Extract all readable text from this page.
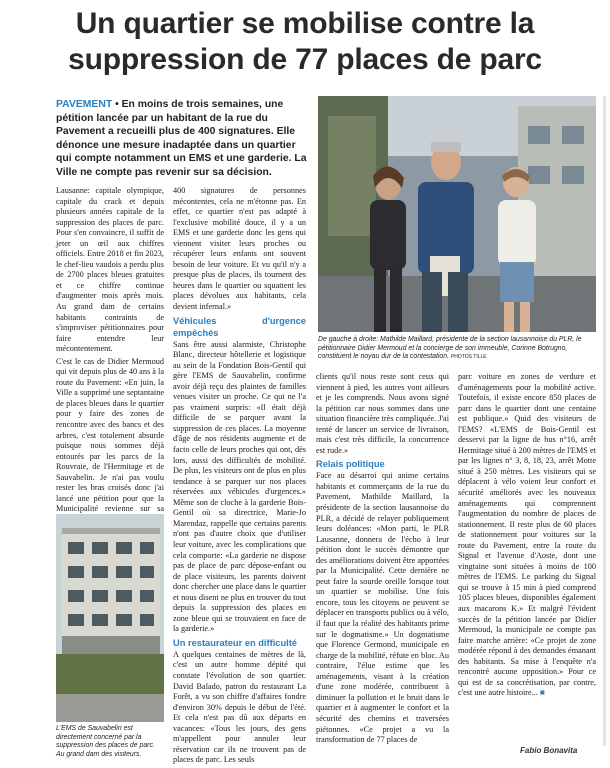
Un quartier se mobilise contre la
suppression de 77 places de parc
PAVEMENT • En moins de trois semaines, une pétition lancée par un habitant de la rue du Pavement a recueilli plus de 400 signatures. Elle dénonce une mesure inadaptée dans un quartier qui compte notamment un EMS et une garderie. La Ville ne compte pas revenir sur sa décision.
De gauche à droite: Mathilde Maillard, présidente de la section lausannoise du PLR, le pétitionnaire Didier Mermoud et la concierge de son immeuble, Corinne Botrugno, constituent le noyau dur de la contestation. PHOTOS TILLE

Lausanne: capitale olympique, capitale du crack et depuis plusieurs années capitale de la suppression des places de parc. Pour s'en convaincre, il suffit de jeter un œil aux chiffres officiels. Entre 2018 et fin 2023, le chef-lieu vaudois a perdu plus de 2700 places bleues gratuites et ce chiffre continue d'augmenter mois après mois. Au grand dam de certains habitants contraints de s'improviser pétitionnaires pour faire entendre leur mécontentement.

C'est le cas de Didier Mermoud qui vit depuis plus de 40 ans à la route du Pavement: «En juin, la Ville a supprimé une septantaine de places bleues dans le quartier pour y faire des zones de rencontre avec des bancs et des arbres, c'est totalement absurde puisque nous sommes déjà entourés par les parcs de la Rouvraie, de l'Hermitage et de Sauvabelin. Je n'ai pas voulu rester les bras croisés donc j'ai lancé une pétition pour que la Municipalité revienne sur sa

L'EMS de Sauvabelin est directement concerné par la suppression des places de parc. Au grand dam des visiteurs.

400 signatures de personnes mécontentes, cela ne m'étonne pas. En effet, ce quartier n'est pas adapté à l'exclusive mobilité douce, il y a un EMS et une garderie donc les gens qui viennent visiter leurs proches ou récupérer leurs enfants ont souvent besoin de leur voiture. Et vu qu'il n'y a presque plus de places, ils tournent des heures dans le quartier ou squattent les places dévolues aux habitants, cela devient infernal.»

Véhicules d'urgence empêchés

Sans être aussi alarmiste, Christophe Blanc, directeur hôtellerie et logistique au sein de la Fondation Bois-Gentil qui gère l'EMS de Sauvabelin, confirme avoir déjà reçu des plaintes de familles venues visiter un proche. Ce qui ne l'a pas vraiment surpris: «Il était déjà difficile de se parquer avant la suppression de ces places. La moyenne d'âge de nos résidents augmente et de facto celle de leurs proches qui ont, dès lors, aussi des difficultés de mobilité. De plus, les visiteurs ont de plus en plus tendance à se parquer sur nos places réservées aux véhicules d'urgences.» Même son de cloche à la garderie Bois-Gentil où sa directrice, Marie-Jo Marendaz, rappelle que certains parents n'ont pas d'autre choix que d'utiliser leur voiture, avec les complications que cela comporte: «La garderie ne dispose pas de place de parc dépose-enfant ou de place visiteurs, les parents doivent donc chercher une place dans le quartier et nous disent ne plus en trouver du tout depuis la suppression des places en zone bleue qui se trouvaient en face de la garderie.»

Un restaurateur en difficulté

A quelques centaines de mètres de là, c'est un autre homme dépité qui constate l'évolution de son quartier. David Balado, patron du restaurant La Forêt, a vu son chiffre d'affaires fondre d'environ 30% depuis le début de l'été. Et cela n'est pas dû aux départs en vacances: «Tous les jours, des gens m'appellent pour annuler leur réservation car ils ne trouvent pas de places de parc. Les seuls

clients qu'il nous reste sont ceux qui viennent à pied, les autres vont ailleurs et je les comprends. Nous avons signé la pétition car nous sommes dans une situation financière très compliquée. J'ai tenté de lancer un service de livraison, mais c'est très difficile, la concurrence est rude.»

Relais politique

Face au désarroi qui anime certains habitants et commerçants de la rue du Pavement, Mathilde Maillard, la présidente de la section lausannoise du PLR, a décidé de relayer publiquement leurs doléances: «Mon parti, le PLR Lausanne, donnera de l'écho à leur pétition dont le succès démontre que des améliorations doivent être apportées par la Municipalité. Cette dernière ne peut faire la sourde oreille lorsque tout un quartier se mobilise. Une fois encore, tous les citoyens ne peuvent se déplacer en transports publics ou à vélo, il faut que la réalité des habitants prime sur le dogmatisme.» Un dogmatisme que Florence Germond, municipale en charge de la mobilité, réfute en bloc. Au contraire, l'élue estime que les aménagements, visant à la création d'une zone modérée, contribuent à diminuer la pollution et le bruit dans le quartier et à augmenter le confort et la sécurité des chemins et traversées piétonnes. «Ce projet a vu la transformation de 77 places de

parc voiture en zones de verdure et d'aménagements pour la mobilité active. Toutefois, il existe encore 850 places de parc dans le quartier dont une centaine est publique.» Quid des visiteurs de l'EMS? «L'EMS de Bois-Gentil est desservi par la ligne de bus n°16, arrêt Hermitage situé à 200 mètres de l'EMS et par les lignes n° 3, 8, 18, 23, arrêt Motte situé à 250 mètres. Les visiteurs qui se déplacent à vélo voient leur confort et sécurité améliorés avec les nouveaux aménagements qui comprennent l'augmentation du nombre de places de stationnement. Il reste plus de 60 places de stationnement pour voitures sur la route du Pavement, entre la route du Signal et l'avenue d'Aoste, dont une vingtaine sont situées à moins de 100 mètres de l'EMS. Le parking du Signal qui se trouve à 15 min à pied comprend 105 places bleues, disponibles également aux macarons K.» Et malgré l'évident succès de la pétition lancée par Didier Mermoud, la municipale ne compte pas faire marche arrière: «Ce projet de zone modérée répond à des demandes émanant des habitants. Sa mise à l'enquête n'a rencontré aucune opposition.» Pour ce qui est de sa concrétisation, par contre, c'est une autre histoire... ■

Fabio Bonavita
